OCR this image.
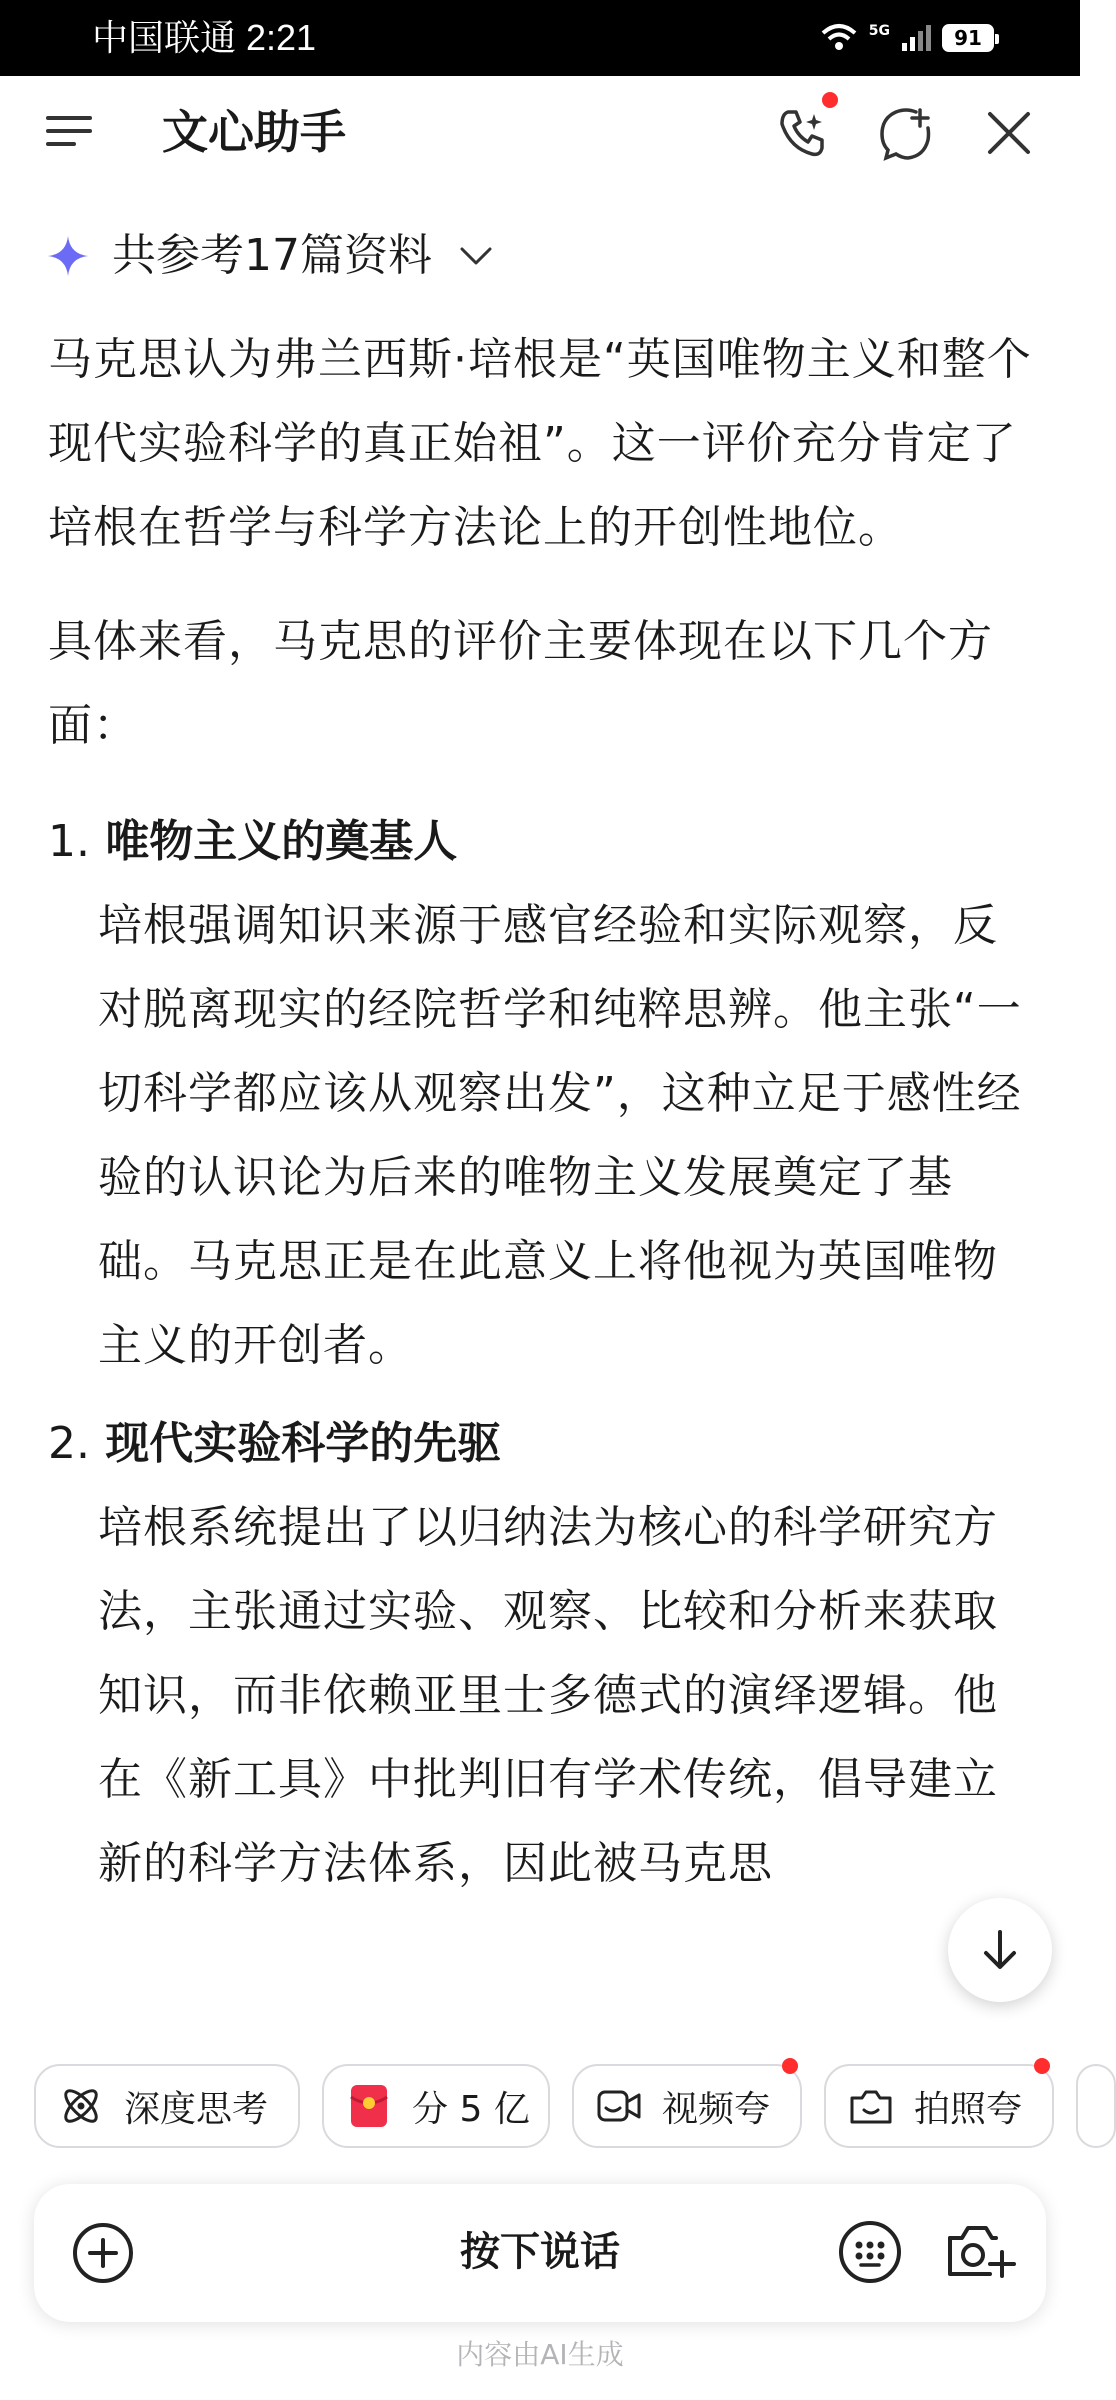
中国联通 2:21	5G	91
文心助手
共参考17篇资料

马克思认为弗兰西斯·培根是“英国唯物主义和整个现代实验科学的真正始祖”。这一评价充分肯定了培根在哲学与科学方法论上的开创性地位。

具体来看，马克思的评价主要体现在以下几个方面：

1. 唯物主义的奠基人
培根强调知识来源于感官经验和实际观察，反对脱离现实的经院哲学和纯粹思辨。他主张“一切科学都应该从观察出发”，这种立足于感性经验的认识论为后来的唯物主义发展奠定了基础。马克思正是在此意义上将他视为英国唯物主义的开创者。
2. 现代实验科学的先驱
培根系统提出了以归纳法为核心的科学研究方法，主张通过实验、观察、比较和分析来获取知识，而非依赖亚里士多德式的演绎逻辑。他在《新工具》中批判旧有学术传统，倡导建立新的科学方法体系，因此被马克思
深度思考	分 5 亿	视频夸	拍照夸
按下说话
内容由AI生成
